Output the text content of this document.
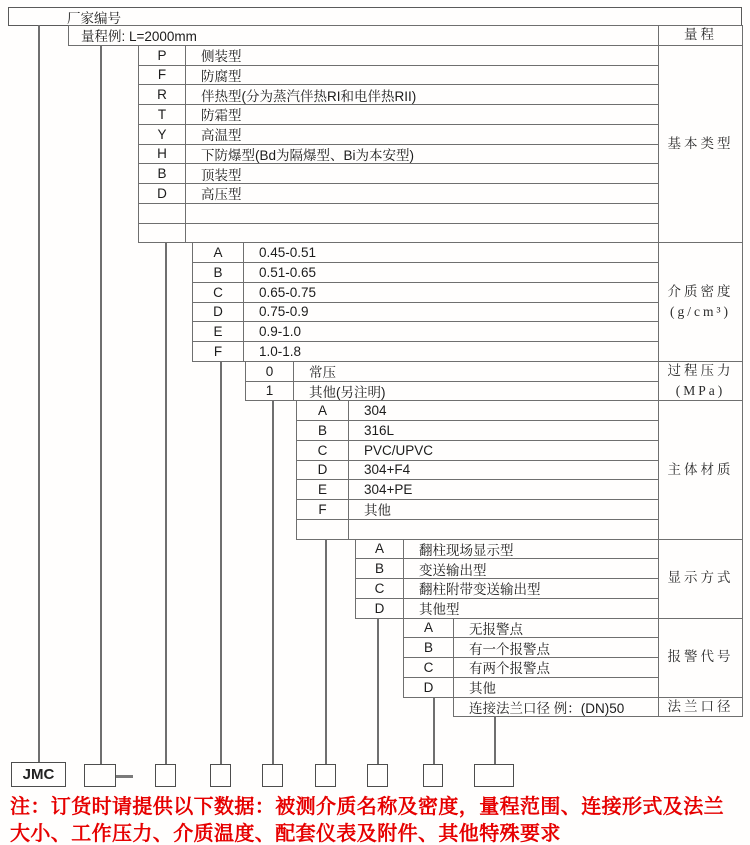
厂家编号
量程例: L=2000mm	量程
P	侧装型
F	防腐型
R	伴热型(分为蒸汽伴热RI和电伴热RII)
T	防霜型
Y	高温型
H	下防爆型(Bd为隔爆型、Bi为本安型)
B	顶装型
D	高压型
基本类型
A	0.45-0.51
B	0.51-0.65
C	0.65-0.75
D	0.75-0.9
E	0.9-1.0
F	1.0-1.8
介质密度
(g/cm³)
0	常压
1	其他(另注明)
过程压力
(MPa)
A	304
B	316L
C	PVC/UPVC
D	304+F4
E	304+PE
F	其他
主体材质
A	翻柱现场显示型
B	变送输出型
C	翻柱附带变送输出型
D	其他型
显示方式
A	无报警点
B	有一个报警点
C	有两个报警点
D	其他
报警代号
连接法兰口径 例：(DN)50	法兰口径
JMC
注：订货时请提供以下数据：被测介质名称及密度，量程范围、连接形式及法兰
大小、工作压力、介质温度、配套仪表及附件、其他特殊要求
